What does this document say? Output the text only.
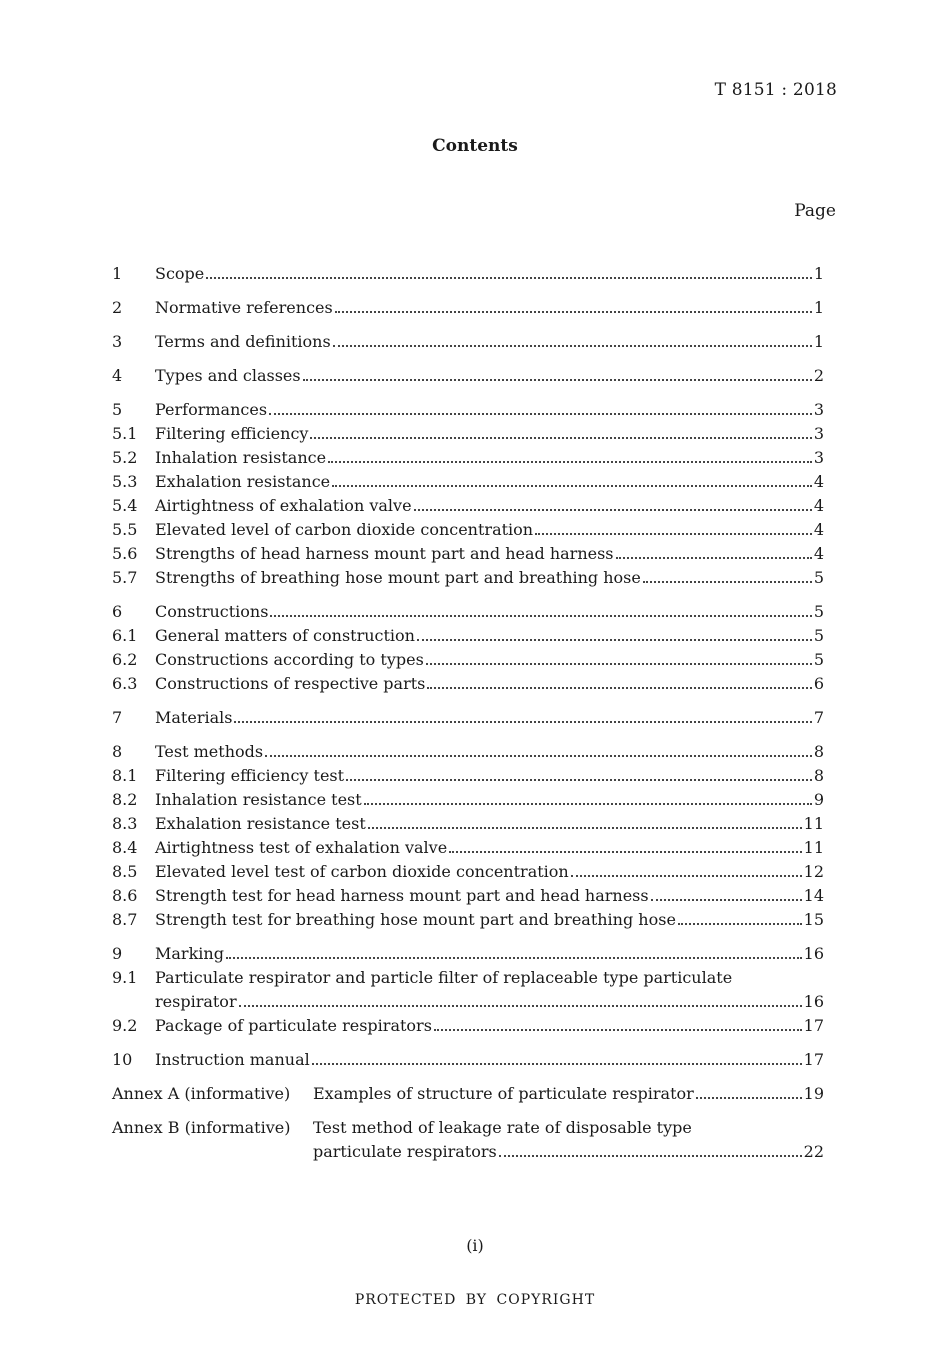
T 8151 : 2018
Contents
Page
1	Scope	1
2	Normative references	1
3	Terms and definitions	1
4	Types and classes	2
5	Performances	3
5.1	Filtering efficiency	3
5.2	Inhalation resistance	3
5.3	Exhalation resistance	4
5.4	Airtightness of exhalation valve	4
5.5	Elevated level of carbon dioxide concentration	4
5.6	Strengths of head harness mount part and head harness	4
5.7	Strengths of breathing hose mount part and breathing hose	5
6	Constructions	5
6.1	General matters of construction	5
6.2	Constructions according to types	5
6.3	Constructions of respective parts	6
7	Materials	7
8	Test methods	8
8.1	Filtering efficiency test	8
8.2	Inhalation resistance test	9
8.3	Exhalation resistance test	11
8.4	Airtightness test of exhalation valve	11
8.5	Elevated level test of carbon dioxide concentration	12
8.6	Strength test for head harness mount part and head harness	14
8.7	Strength test for breathing hose mount part and breathing hose	15
9	Marking	16
9.1	Particulate respirator and particle filter of replaceable type particulate
respirator	16
9.2	Package of particulate respirators	17
10	Instruction manual	17
Annex A (informative)	Examples of structure of particulate respirator	19
Annex B (informative)	Test method of leakage rate of disposable type
particulate respirators	22
(i)
PROTECTED BY COPYRIGHT
